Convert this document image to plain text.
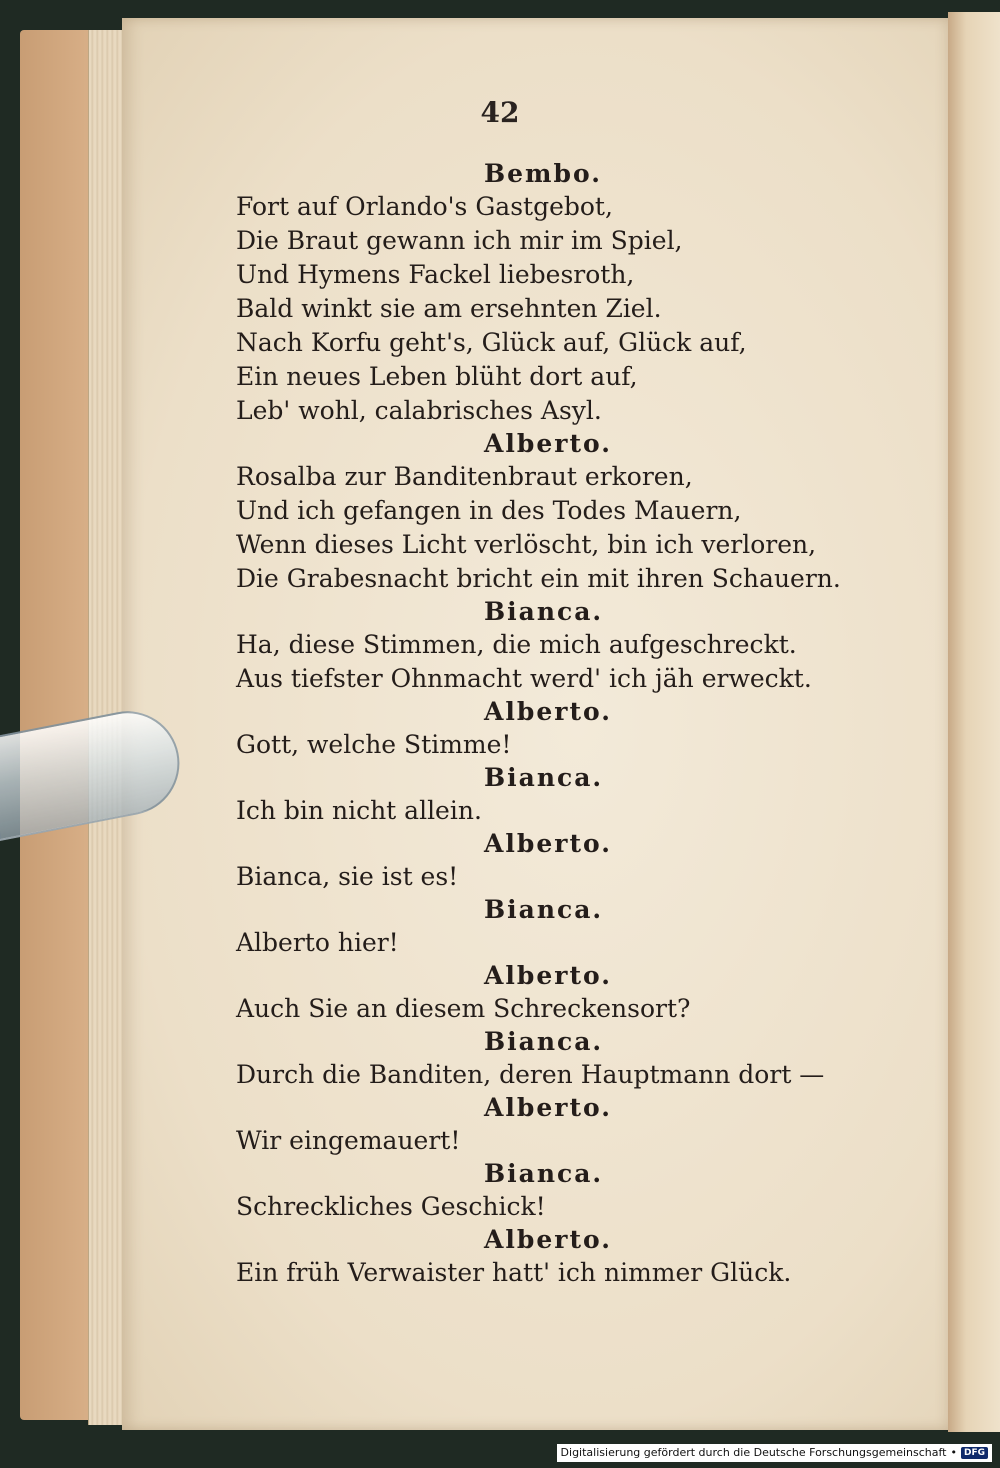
42
Bembo.
Fort auf Orlando's Gastgebot,
Die Braut gewann ich mir im Spiel,
Und Hymens Fackel liebesroth,
Bald winkt sie am ersehnten Ziel.
Nach Korfu geht's, Glück auf, Glück auf,
Ein neues Leben blüht dort auf,
Leb' wohl, calabrisches Asyl.
Alberto.
Rosalba zur Banditenbraut erkoren,
Und ich gefangen in des Todes Mauern,
Wenn dieses Licht verlöscht, bin ich verloren,
Die Grabesnacht bricht ein mit ihren Schauern.
Bianca.
Ha, diese Stimmen, die mich aufgeschreckt.
Aus tiefster Ohnmacht werd' ich jäh erweckt.
Alberto.
Gott, welche Stimme!
Bianca.
Ich bin nicht allein.
Alberto.
Bianca, sie ist es!
Bianca.
Alberto hier!
Alberto.
Auch Sie an diesem Schreckensort?
Bianca.
Durch die Banditen, deren Hauptmann dort —
Alberto.
Wir eingemauert!
Bianca.
Schreckliches Geschick!
Alberto.
Ein früh Verwaister hatt' ich nimmer Glück.
Digitalisierung gefördert durch die Deutsche Forschungsgemeinschaft • DFG
